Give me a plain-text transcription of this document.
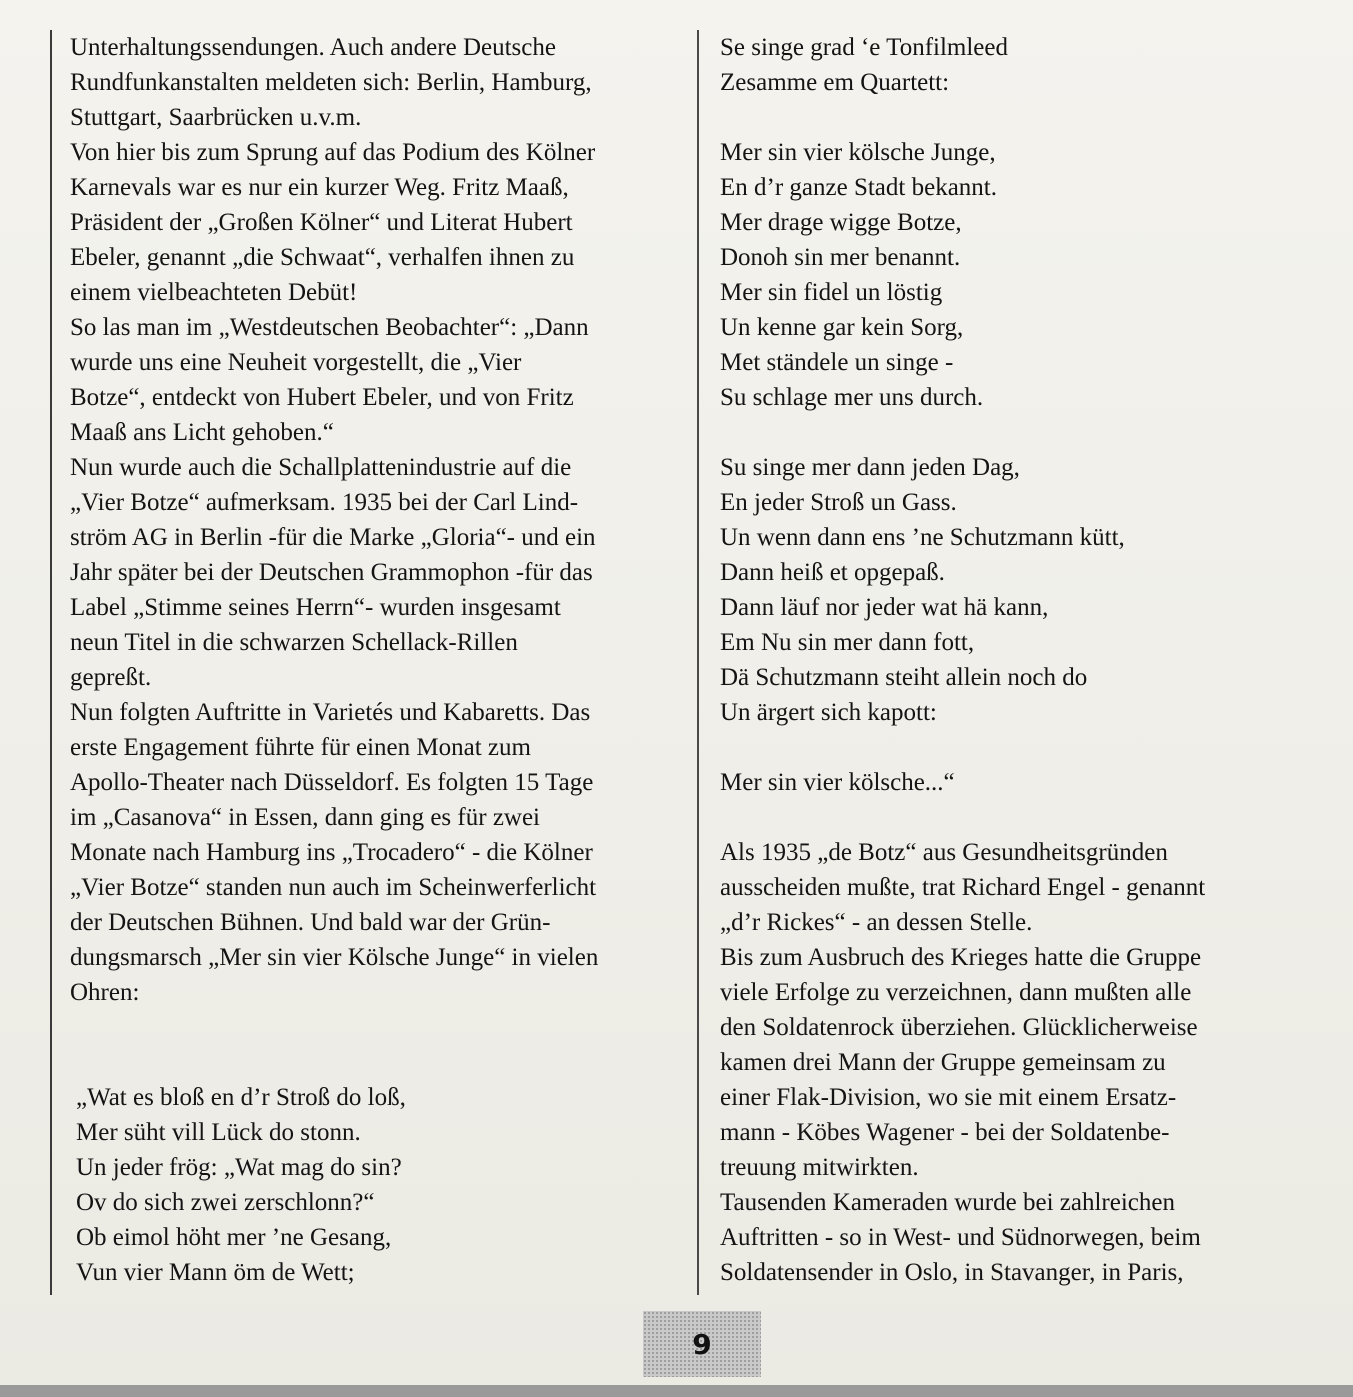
Unterhaltungssendungen. Auch andere Deutsche
Rundfunkanstalten meldeten sich: Berlin, Hamburg,
Stuttgart, Saarbrücken u.v.m.
Von hier bis zum Sprung auf das Podium des Kölner
Karnevals war es nur ein kurzer Weg. Fritz Maaß,
Präsident der „Großen Kölner“ und Literat Hubert
Ebeler, genannt „die Schwaat“, verhalfen ihnen zu
einem vielbeachteten Debüt!
So las man im „Westdeutschen Beobachter“: „Dann
wurde uns eine Neuheit vorgestellt, die „Vier
Botze“, entdeckt von Hubert Ebeler, und von Fritz
Maaß ans Licht gehoben.“
Nun wurde auch die Schallplattenindustrie auf die
„Vier Botze“ aufmerksam. 1935 bei der Carl Lind-
ström AG in Berlin -für die Marke „Gloria“- und ein
Jahr später bei der Deutschen Grammophon -für das
Label „Stimme seines Herrn“- wurden insgesamt
neun Titel in die schwarzen Schellack-Rillen
gepreßt.
Nun folgten Auftritte in Varietés und Kabaretts. Das
erste Engagement führte für einen Monat zum
Apollo-Theater nach Düsseldorf. Es folgten 15 Tage
im „Casanova“ in Essen, dann ging es für zwei
Monate nach Hamburg ins „Trocadero“ - die Kölner
„Vier Botze“ standen nun auch im Scheinwerferlicht
der Deutschen Bühnen. Und bald war der Grün-
dungsmarsch „Mer sin vier Kölsche Junge“ in vielen
Ohren:
„Wat es bloß en d’r Stroß do loß,
Mer süht vill Lück do stonn.
Un jeder frög: „Wat mag do sin?
Ov do sich zwei zerschlonn?“
Ob eimol höht mer ’ne Gesang,
Vun vier Mann öm de Wett;
Se singe grad ‘e Tonfilmleed
Zesamme em Quartett:
Mer sin vier kölsche Junge,
En d’r ganze Stadt bekannt.
Mer drage wigge Botze,
Donoh sin mer benannt.
Mer sin fidel un löstig
Un kenne gar kein Sorg,
Met ständele un singe -
Su schlage mer uns durch.
Su singe mer dann jeden Dag,
En jeder Stroß un Gass.
Un wenn dann ens ’ne Schutzmann kütt,
Dann heiß et opgepaß.
Dann läuf nor jeder wat hä kann,
Em Nu sin mer dann fott,
Dä Schutzmann steiht allein noch do
Un ärgert sich kapott:
Mer sin vier kölsche...“
Als 1935 „de Botz“ aus Gesundheitsgründen
ausscheiden mußte, trat Richard Engel - genannt
„d’r Rickes“ - an dessen Stelle.
Bis zum Ausbruch des Krieges hatte die Gruppe
viele Erfolge zu verzeichnen, dann mußten alle
den Soldatenrock überziehen. Glücklicherweise
kamen drei Mann der Gruppe gemeinsam zu
einer Flak-Division, wo sie mit einem Ersatz-
mann - Köbes Wagener - bei der Soldatenbe-
treuung mitwirkten.
Tausenden Kameraden wurde bei zahlreichen
Auftritten - so in West- und Südnorwegen, beim
Soldatensender in Oslo, in Stavanger, in Paris,
9
